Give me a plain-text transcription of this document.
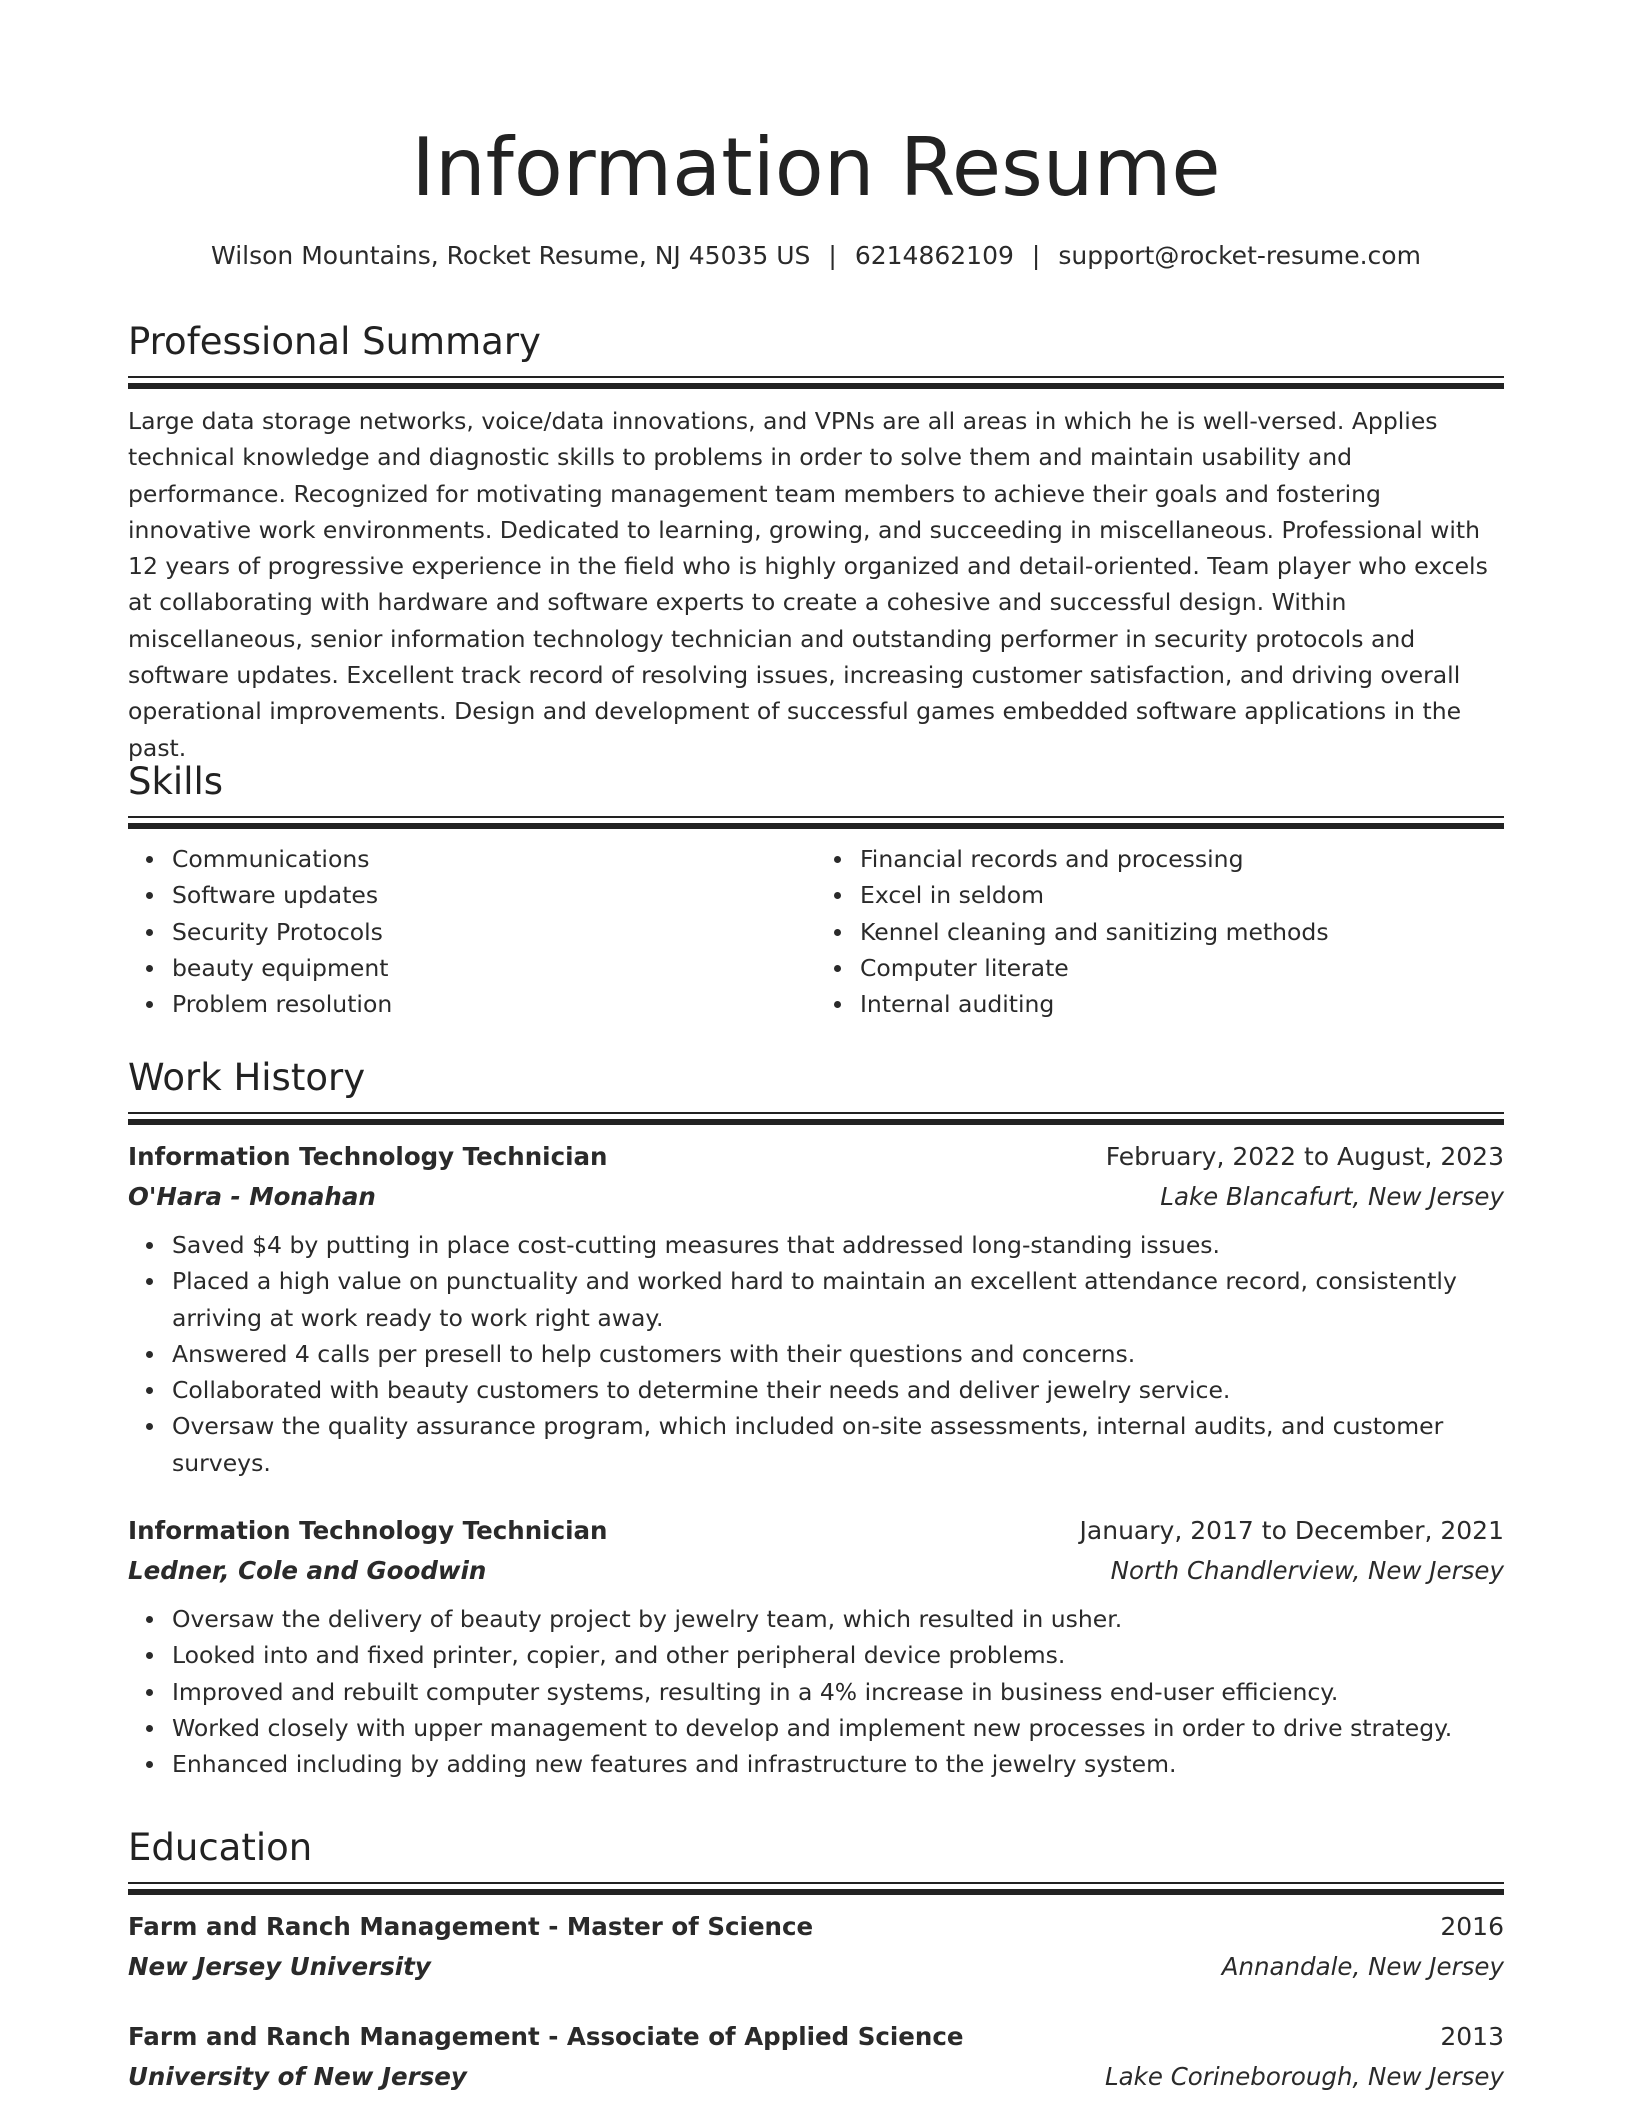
Information Resume
Wilson Mountains, Rocket Resume, NJ 45035 US | 6214862109 | support@rocket-resume.com
Professional Summary

Large data storage networks, voice/data innovations, and VPNs are all areas in which he is well-versed. Applies technical knowledge and diagnostic skills to problems in order to solve them and maintain usability and performance. Recognized for motivating management team members to achieve their goals and fostering innovative work environments. Dedicated to learning, growing, and succeeding in miscellaneous. Professional with 12 years of progressive experience in the field who is highly organized and detail-oriented. Team player who excels at collaborating with hardware and software experts to create a cohesive and successful design. Within miscellaneous, senior information technology technician and outstanding performer in security protocols and software updates. Excellent track record of resolving issues, increasing customer satisfaction, and driving overall operational improvements. Design and development of successful games embedded software applications in the past.

Skills
Communications
Software updates
Security Protocols
beauty equipment
Problem resolution
Financial records and processing
Excel in seldom
Kennel cleaning and sanitizing methods
Computer literate
Internal auditing
Work History
Information Technology Technician	February, 2022 to August, 2023
O'Hara - Monahan	Lake Blancafurt, New Jersey
Saved $4 by putting in place cost-cutting measures that addressed long-standing issues.
Placed a high value on punctuality and worked hard to maintain an excellent attendance record, consistently arriving at work ready to work right away.
Answered 4 calls per presell to help customers with their questions and concerns.
Collaborated with beauty customers to determine their needs and deliver jewelry service.
Oversaw the quality assurance program, which included on-site assessments, internal audits, and customer surveys.
Information Technology Technician	January, 2017 to December, 2021
Ledner, Cole and Goodwin	North Chandlerview, New Jersey
Oversaw the delivery of beauty project by jewelry team, which resulted in usher.
Looked into and fixed printer, copier, and other peripheral device problems.
Improved and rebuilt computer systems, resulting in a 4% increase in business end-user efficiency.
Worked closely with upper management to develop and implement new processes in order to drive strategy.
Enhanced including by adding new features and infrastructure to the jewelry system.
Education
Farm and Ranch Management - Master of Science	2016
New Jersey University	Annandale, New Jersey
Farm and Ranch Management - Associate of Applied Science	2013
University of New Jersey	Lake Corineborough, New Jersey
